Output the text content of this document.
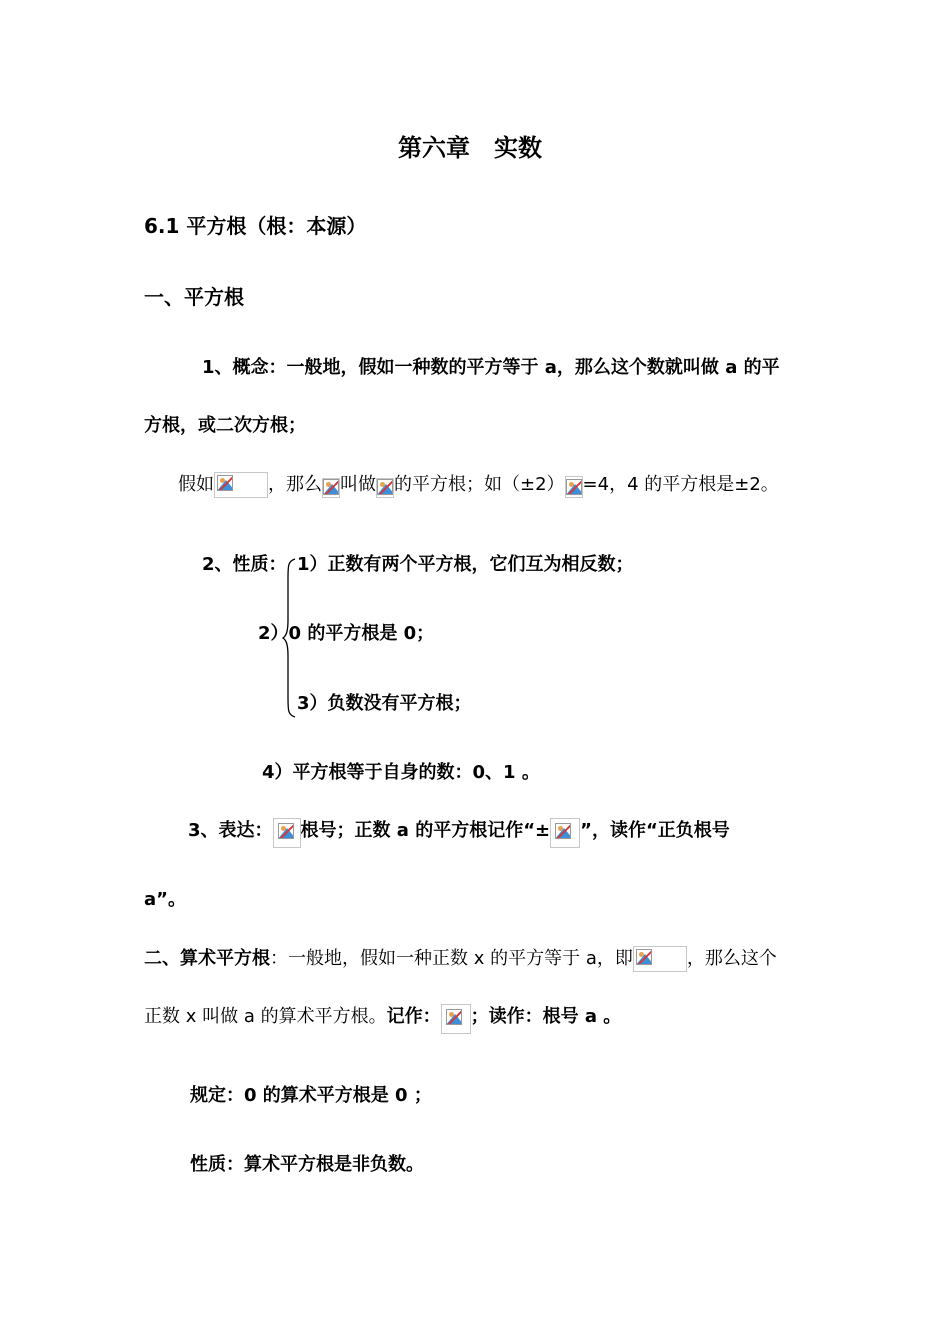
第六章　实数
6.1 平方根（根：本源）
一、平方根
1、概念：一般地，假如一种数的平方等于 a，那么这个数就叫做 a 的平
方根，或二次方根；
假如	，那么 叫做 的平方根；如（±2） =4，4 的平方根是±2。
2、性质： 1）正数有两个平方根，它们互为相反数；
2）0 的平方根是 0；
3）负数没有平方根；
4）平方根等于自身的数：0、1 。
3、表达： 根号；正数 a 的平方根记作“± ”，读作“正负根号
a”。
二、算术平方根：一般地，假如一种正数 x 的平方等于 a，即	，那么这个
正数 x 叫做 a 的算术平方根。记作： ；读作：根号 a 。
规定：0 的算术平方根是 0 ；
性质：算术平方根是非负数。
